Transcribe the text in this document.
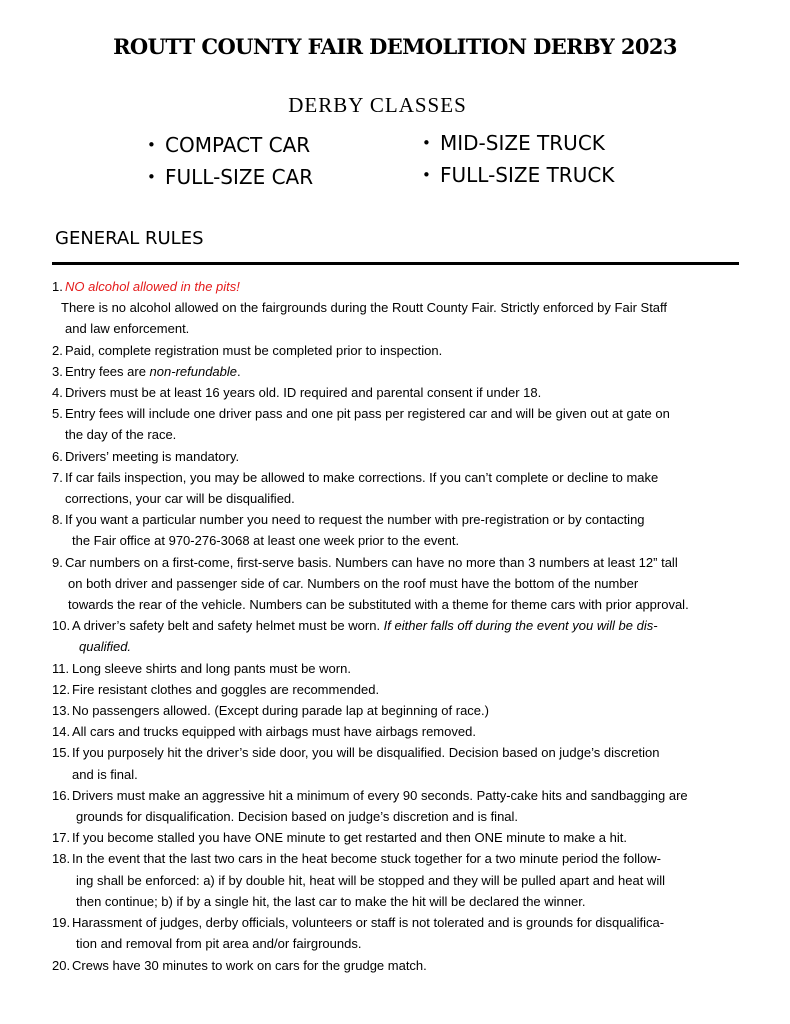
ROUTT COUNTY FAIR DEMOLITION DERBY 2023
DERBY CLASSES
• COMPACT CAR
• FULL-SIZE CAR
• MID-SIZE TRUCK
• FULL-SIZE TRUCK
GENERAL RULES
1. NO alcohol allowed in the pits!
There is no alcohol allowed on the fairgrounds during the Routt County Fair. Strictly enforced by Fair Staff
and law enforcement.
2. Paid, complete registration must be completed prior to inspection.
3. Entry fees are non-refundable.
4. Drivers must be at least 16 years old. ID required and parental consent if under 18.
5. Entry fees will include one driver pass and one pit pass per registered car and will be given out at gate on
the day of the race.
6. Drivers’ meeting is mandatory.
7. If car fails inspection, you may be allowed to make corrections. If you can’t complete or decline to make
corrections, your car will be disqualified.
8. If you want a particular number you need to request the number with pre-registration or by contacting
the Fair office at 970-276-3068 at least one week prior to the event.
9. Car numbers on a first-come, first-serve basis. Numbers can have no more than 3 numbers at least 12” tall
on both driver and passenger side of car. Numbers on the roof must have the bottom of the number
towards the rear of the vehicle. Numbers can be substituted with a theme for theme cars with prior approval.
10. A driver’s safety belt and safety helmet must be worn. If either falls off during the event you will be dis-
qualified.
11. Long sleeve shirts and long pants must be worn.
12. Fire resistant clothes and goggles are recommended.
13. No passengers allowed. (Except during parade lap at beginning of race.)
14. All cars and trucks equipped with airbags must have airbags removed.
15. If you purposely hit the driver’s side door, you will be disqualified. Decision based on judge’s discretion
and is final.
16. Drivers must make an aggressive hit a minimum of every 90 seconds. Patty-cake hits and sandbagging are
grounds for disqualification. Decision based on judge’s discretion and is final.
17. If you become stalled you have ONE minute to get restarted and then ONE minute to make a hit.
18. In the event that the last two cars in the heat become stuck together for a two minute period the follow-
ing shall be enforced: a) if by double hit, heat will be stopped and they will be pulled apart and heat will
then continue; b) if by a single hit, the last car to make the hit will be declared the winner.
19. Harassment of judges, derby officials, volunteers or staff is not tolerated and is grounds for disqualifica-
tion and removal from pit area and/or fairgrounds.
20. Crews have 30 minutes to work on cars for the grudge match.
